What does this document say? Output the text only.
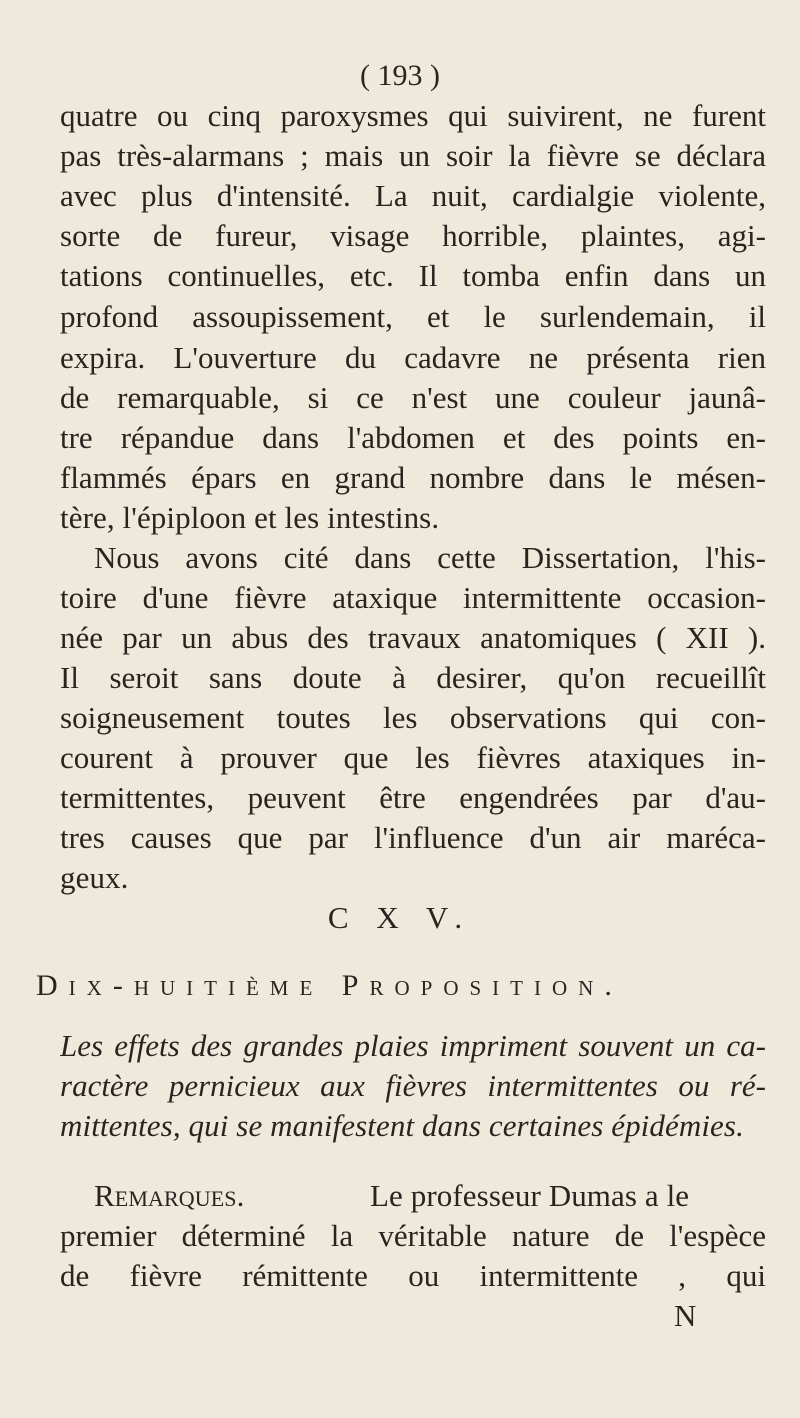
( 193 )
quatre ou cinq paroxysmes qui suivirent, ne furent
pas très-alarmans ; mais un soir la fièvre se déclara
avec plus d'intensité. La nuit, cardialgie violente,
sorte de fureur, visage horrible, plaintes, agi-
tations continuelles, etc. Il tomba enfin dans un
profond assoupissement, et le surlendemain, il
expira. L'ouverture du cadavre ne présenta rien
de remarquable, si ce n'est une couleur jaunâ-
tre répandue dans l'abdomen et des points en-
flammés épars en grand nombre dans le mésen-
tère, l'épiploon et les intestins.
Nous avons cité dans cette Dissertation, l'his-
toire d'une fièvre ataxique intermittente occasion-
née par un abus des travaux anatomiques ( XII ).
Il seroit sans doute à desirer, qu'on recueillît
soigneusement toutes les observations qui con-
courent à prouver que les fièvres ataxiques in-
termittentes, peuvent être engendrées par d'au-
tres causes que par l'influence d'un air maréca-
geux.
C X V.
Dix-huitième Proposition.
Les effets des grandes plaies impriment souvent un ca-
ractère pernicieux aux fièvres intermittentes ou ré-
mittentes, qui se manifestent dans certaines épidémies.
Remarques.	Le professeur Dumas a le
premier déterminé la véritable nature de l'espèce
de fièvre rémittente ou intermittente , qui
N
